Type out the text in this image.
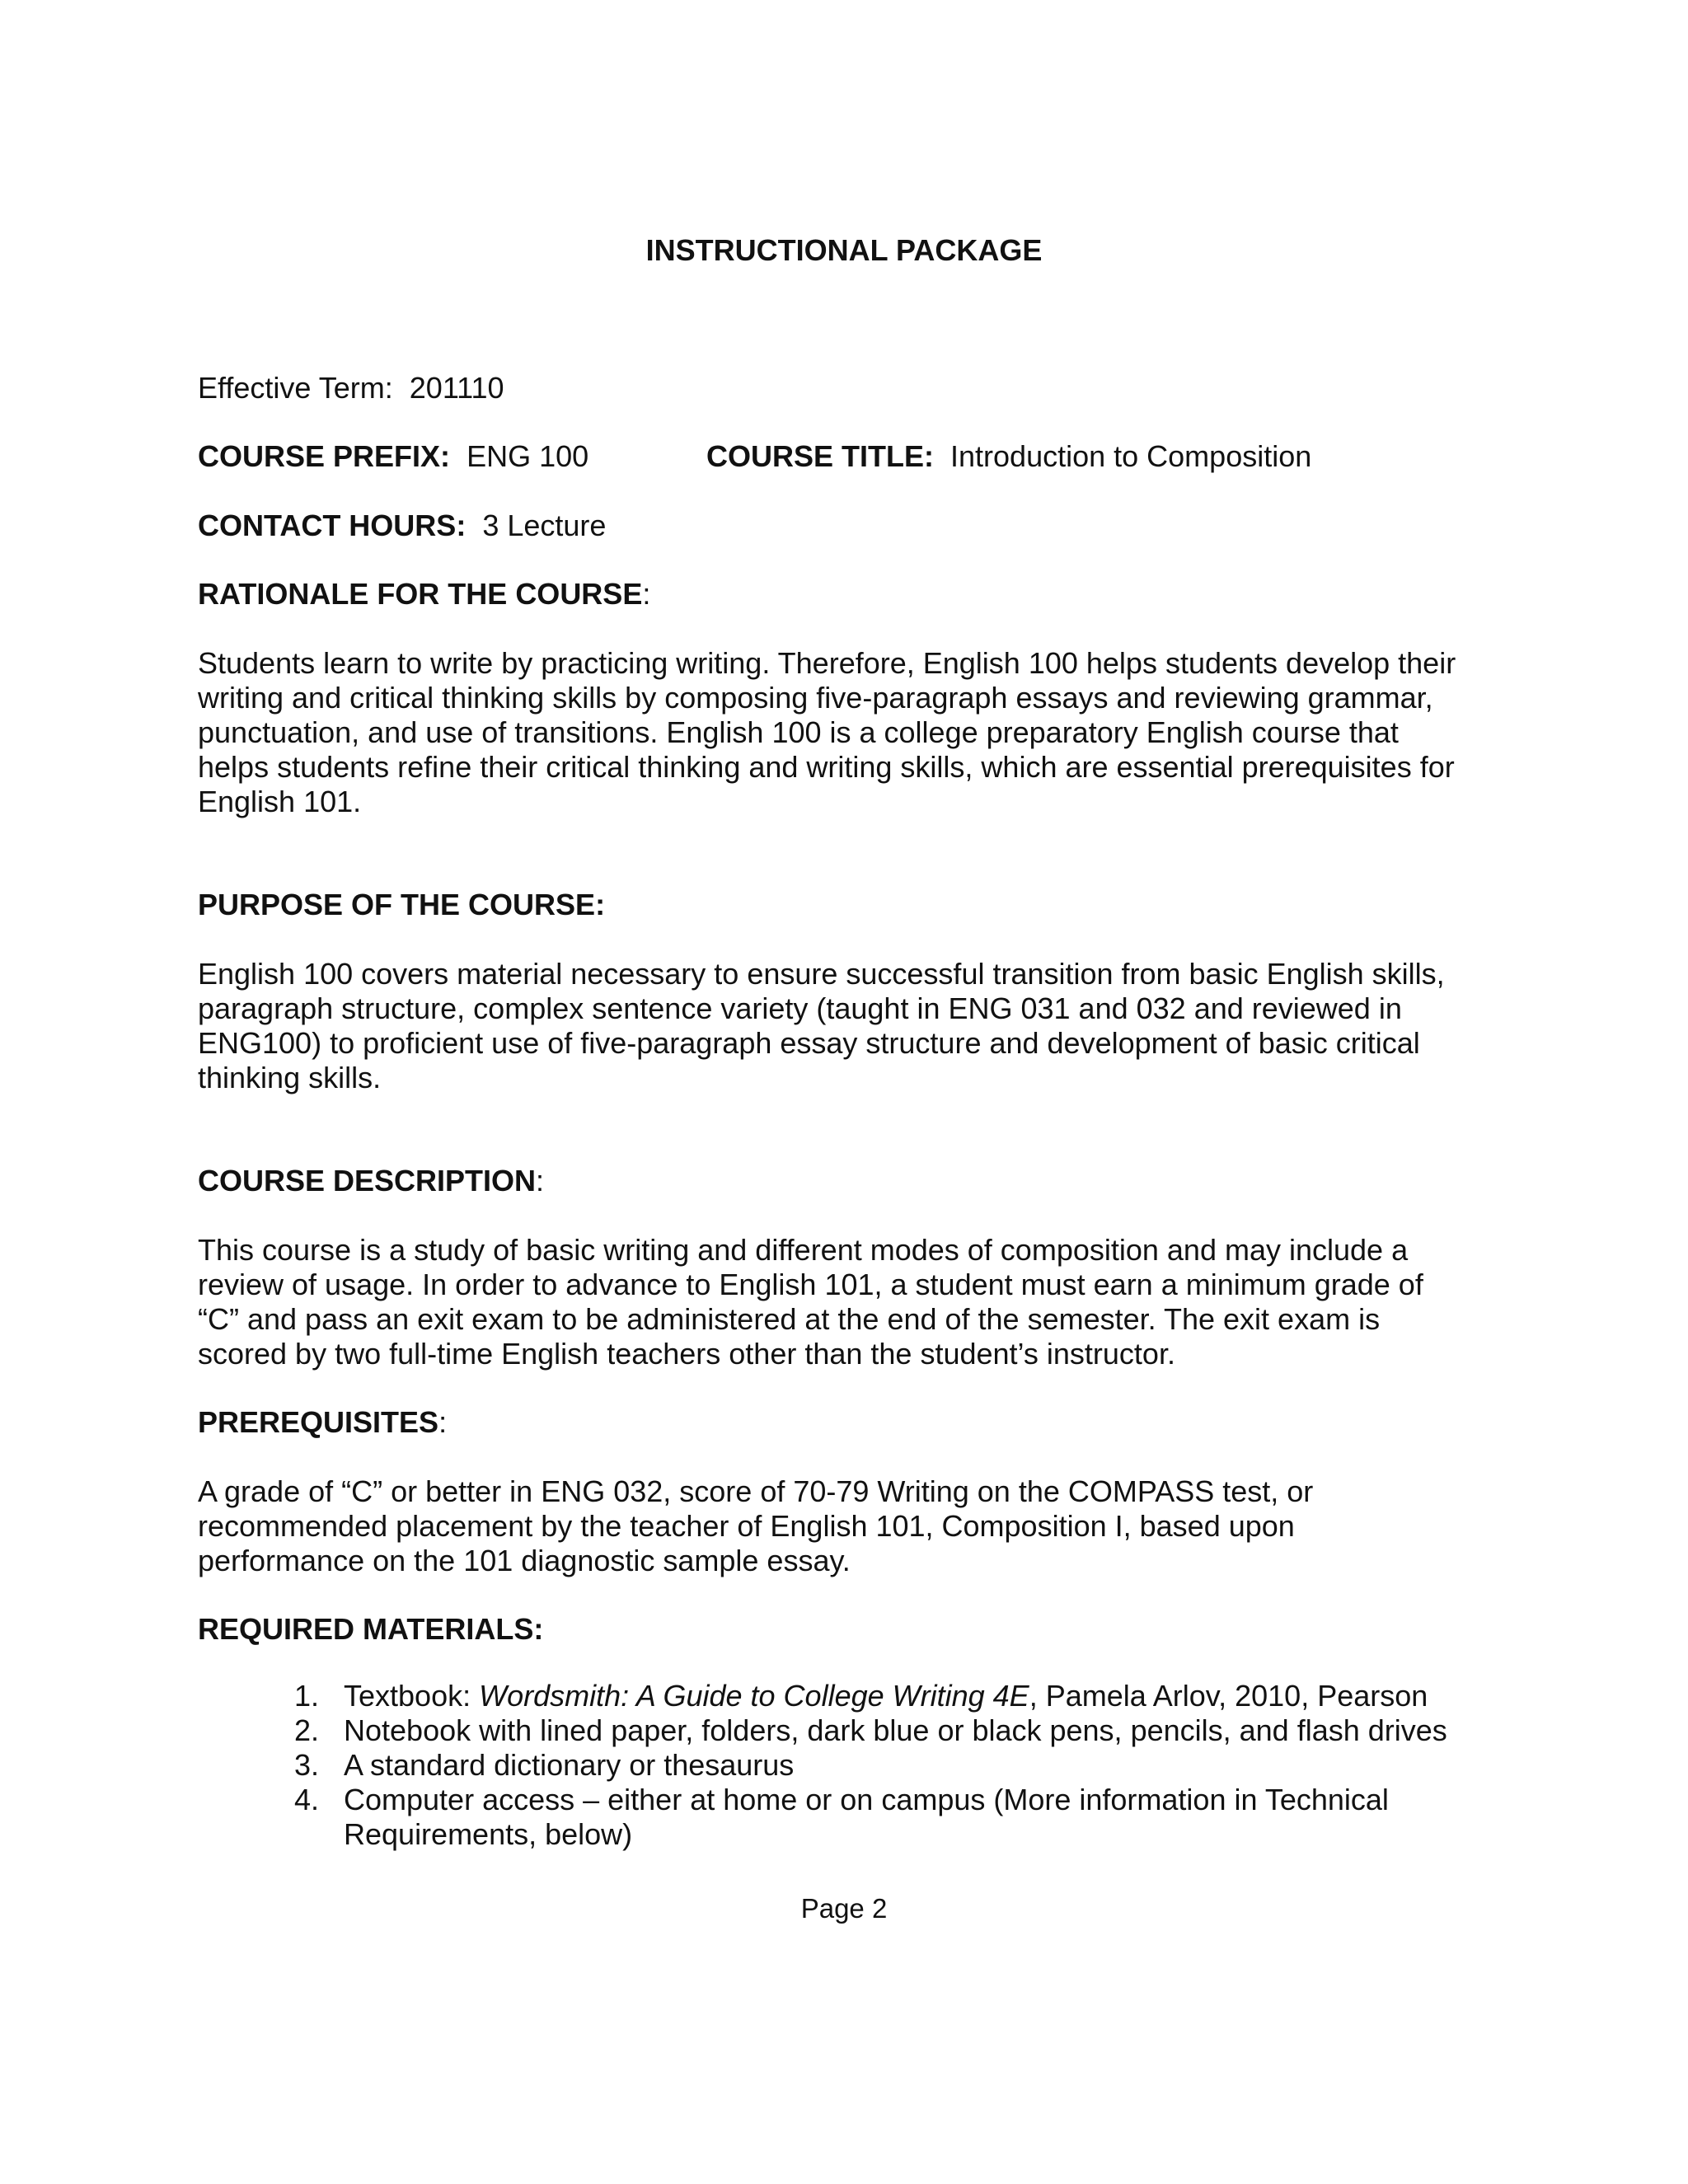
INSTRUCTIONAL PACKAGE
Effective Term: 201110
COURSE PREFIX: ENG 100	COURSE TITLE: Introduction to Composition
CONTACT HOURS: 3 Lecture
RATIONALE FOR THE COURSE:
Students learn to write by practicing writing. Therefore, English 100 helps students develop their
writing and critical thinking skills by composing five-paragraph essays and reviewing grammar,
punctuation, and use of transitions. English 100 is a college preparatory English course that
helps students refine their critical thinking and writing skills, which are essential prerequisites for
English 101.
PURPOSE OF THE COURSE:
English 100 covers material necessary to ensure successful transition from basic English skills,
paragraph structure, complex sentence variety (taught in ENG 031 and 032 and reviewed in
ENG100) to proficient use of five-paragraph essay structure and development of basic critical
thinking skills.
COURSE DESCRIPTION:
This course is a study of basic writing and different modes of composition and may include a
review of usage. In order to advance to English 101, a student must earn a minimum grade of
“C” and pass an exit exam to be administered at the end of the semester. The exit exam is
scored by two full-time English teachers other than the student’s instructor.
PREREQUISITES:
A grade of “C” or better in ENG 032, score of 70-79 Writing on the COMPASS test, or
recommended placement by the teacher of English 101, Composition I, based upon
performance on the 101 diagnostic sample essay.
REQUIRED MATERIALS:
1. Textbook: Wordsmith: A Guide to College Writing 4E, Pamela Arlov, 2010, Pearson
2. Notebook with lined paper, folders, dark blue or black pens, pencils, and flash drives
3. A standard dictionary or thesaurus
4. Computer access – either at home or on campus (More information in Technical
Requirements, below)
Page 2
